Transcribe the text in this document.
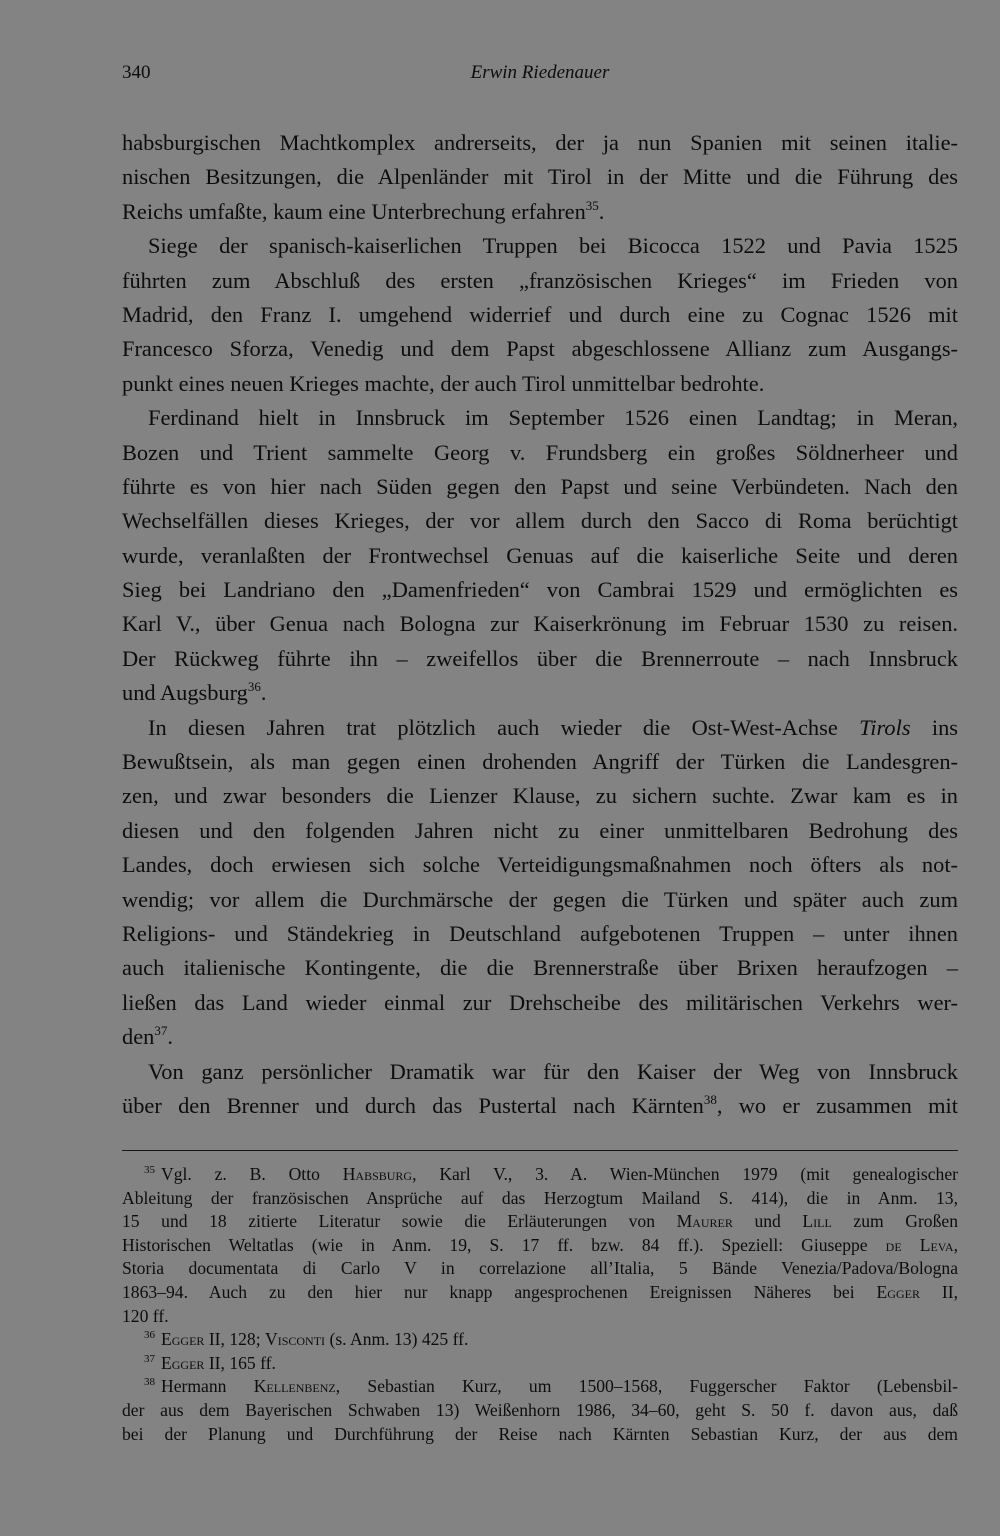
340	Erwin Riedenauer
habsburgischen Machtkomplex andrerseits, der ja nun Spanien mit seinen italie-
nischen Besitzungen, die Alpenländer mit Tirol in der Mitte und die Führung des
Reichs umfaßte, kaum eine Unterbrechung erfahren$^{35}$.
Siege der spanisch-kaiserlichen Truppen bei Bicocca 1522 und Pavia 1525
führten zum Abschluß des ersten „französischen Krieges“ im Frieden von
Madrid, den Franz I. umgehend widerrief und durch eine zu Cognac 1526 mit
Francesco Sforza, Venedig und dem Papst abgeschlossene Allianz zum Ausgangs-
punkt eines neuen Krieges machte, der auch Tirol unmittelbar bedrohte.
Ferdinand hielt in Innsbruck im September 1526 einen Landtag; in Meran,
Bozen und Trient sammelte Georg v. Frundsberg ein großes Söldnerheer und
führte es von hier nach Süden gegen den Papst und seine Verbündeten. Nach den
Wechselfällen dieses Krieges, der vor allem durch den Sacco di Roma berüchtigt
wurde, veranlaßten der Frontwechsel Genuas auf die kaiserliche Seite und deren
Sieg bei Landriano den „Damenfrieden“ von Cambrai 1529 und ermöglichten es
Karl V., über Genua nach Bologna zur Kaiserkrönung im Februar 1530 zu reisen.
Der Rückweg führte ihn – zweifellos über die Brennerroute – nach Innsbruck
und Augsburg$^{36}$.
In diesen Jahren trat plötzlich auch wieder die Ost-West-Achse Tirols ins
Bewußtsein, als man gegen einen drohenden Angriff der Türken die Landesgren-
zen, und zwar besonders die Lienzer Klause, zu sichern suchte. Zwar kam es in
diesen und den folgenden Jahren nicht zu einer unmittelbaren Bedrohung des
Landes, doch erwiesen sich solche Verteidigungsmaßnahmen noch öfters als not-
wendig; vor allem die Durchmärsche der gegen die Türken und später auch zum
Religions- und Ständekrieg in Deutschland aufgebotenen Truppen – unter ihnen
auch italienische Kontingente, die die Brennerstraße über Brixen heraufzogen –
ließen das Land wieder einmal zur Drehscheibe des militärischen Verkehrs wer-
den$^{37}$.
Von ganz persönlicher Dramatik war für den Kaiser der Weg von Innsbruck
über den Brenner und durch das Pustertal nach Kärnten$^{38}$, wo er zusammen mit
$^{35}$ Vgl. z. B. Otto Habsburg, Karl V., 3. A. Wien-München 1979 (mit genealogischer
Ableitung der französischen Ansprüche auf das Herzogtum Mailand S. 414), die in Anm. 13,
15 und 18 zitierte Literatur sowie die Erläuterungen von Maurer und Lill zum Großen
Historischen Weltatlas (wie in Anm. 19, S. 17 ff. bzw. 84 ff.). Speziell: Giuseppe de Leva,
Storia documentata di Carlo V in correlazione all’Italia, 5 Bände Venezia/Padova/Bologna
1863–94. Auch zu den hier nur knapp angesprochenen Ereignissen Näheres bei Egger II,
120 ff.
$^{36}$ Egger II, 128; Visconti (s. Anm. 13) 425 ff.
$^{37}$ Egger II, 165 ff.
$^{38}$ Hermann Kellenbenz, Sebastian Kurz, um 1500–1568, Fuggerscher Faktor (Lebensbil-
der aus dem Bayerischen Schwaben 13) Weißenhorn 1986, 34–60, geht S. 50 f. davon aus, daß
bei der Planung und Durchführung der Reise nach Kärnten Sebastian Kurz, der aus dem
